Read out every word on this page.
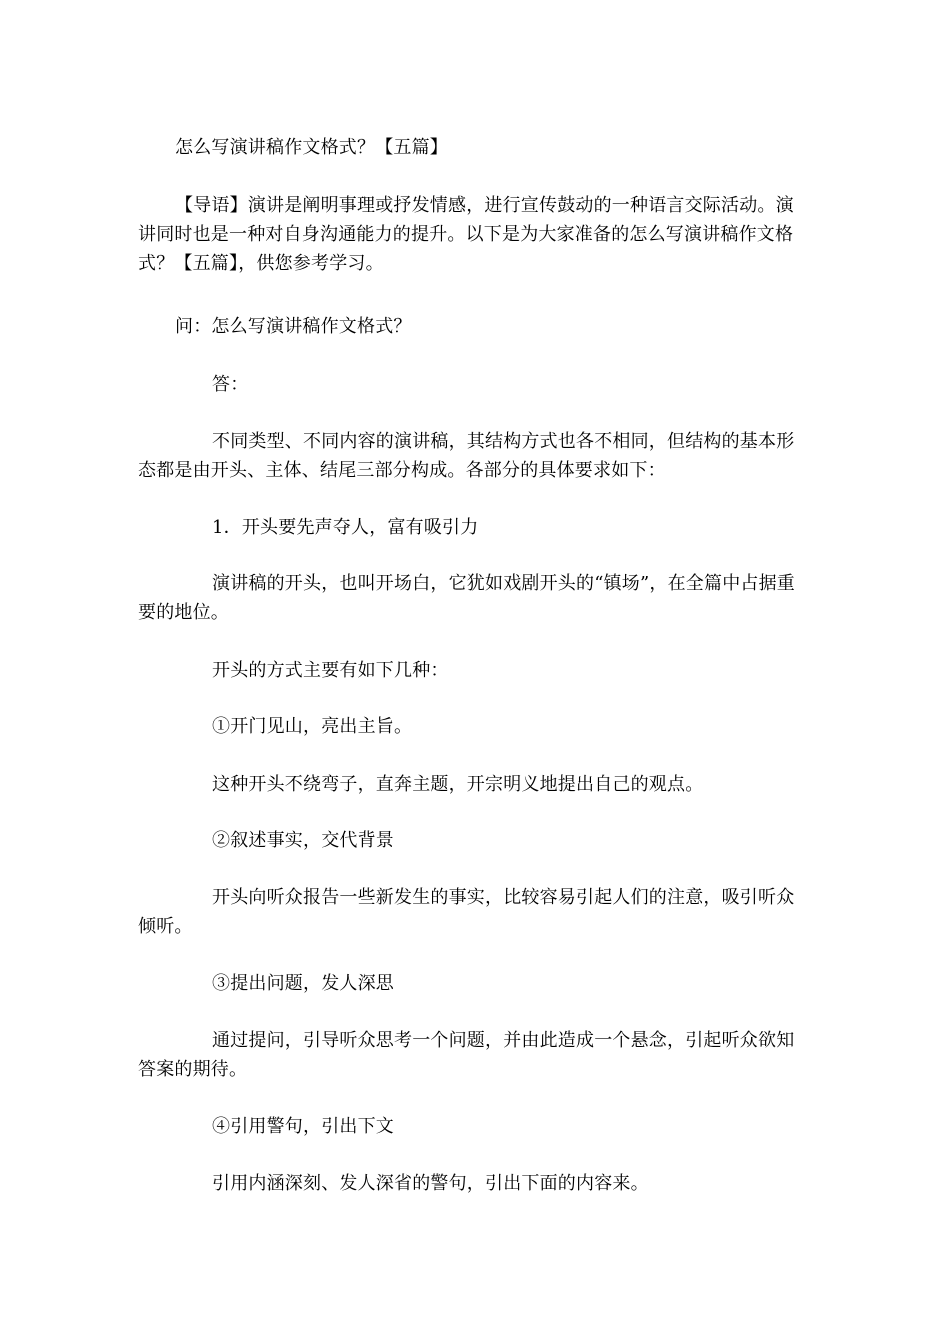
怎么写演讲稿作文格式？【五篇】

【导语】演讲是阐明事理或抒发情感，进行宣传鼓动的一种语言交际活动。演讲同时也是一种对自身沟通能力的提升。以下是为大家准备的怎么写演讲稿作文格式？【五篇】，供您参考学习。

问：怎么写演讲稿作文格式？

答：

不同类型、不同内容的演讲稿，其结构方式也各不相同，但结构的基本形态都是由开头、主体、结尾三部分构成。各部分的具体要求如下：

1．开头要先声夺人，富有吸引力

演讲稿的开头，也叫开场白，它犹如戏剧开头的“镇场”，在全篇中占据重要的地位。

开头的方式主要有如下几种：

①开门见山，亮出主旨。

这种开头不绕弯子，直奔主题，开宗明义地提出自己的观点。

②叙述事实，交代背景

开头向听众报告一些新发生的事实，比较容易引起人们的注意，吸引听众倾听。

③提出问题，发人深思

通过提问，引导听众思考一个问题，并由此造成一个悬念，引起听众欲知答案的期待。

④引用警句，引出下文

引用内涵深刻、发人深省的警句，引出下面的内容来。
